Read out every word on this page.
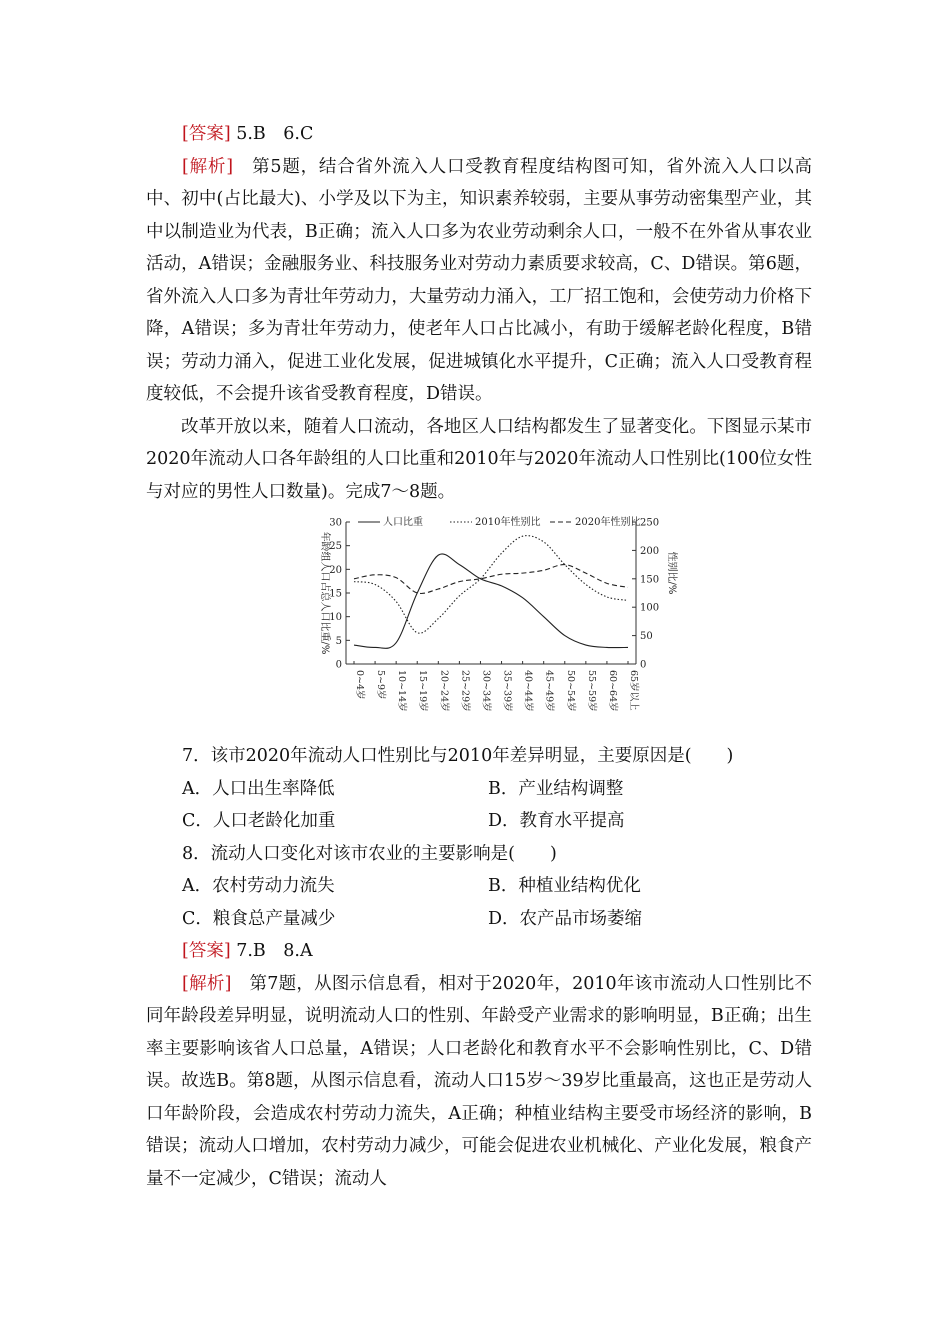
[答案] 5.B　6.C

[解析]　 第5题，结合省外流入人口受教育程度结构图可知，省外流入人口以高中、初中(占比最大)、小学及以下为主，知识素养较弱，主要从事劳动密集型产业，其中以制造业为代表，B正确；流入人口多为农业劳动剩余人口，一般不在外省从事农业活动，A错误；金融服务业、科技服务业对劳动力素质要求较高，C、D错误。第6题，省外流入人口多为青壮年劳动力，大量劳动力涌入，工厂招工饱和，会使劳动力价格下降，A错误；多为青壮年劳动力，使老年人口占比减小，有助于缓解老龄化程度，B错误；劳动力涌入，促进工业化发展，促进城镇化水平提升，C正确；流入人口受教育程度较低，不会提升该省受教育程度，D错误。

改革开放以来，随着人口流动，各地区人口结构都发生了显著变化。下图显示某市2020年流动人口各年龄组的人口比重和2010年与2020年流动人口性别比(100位女性与对应的男性人口数量)。完成7～8题。

0
5
10
15
20
25
30
0
50
100
150
200
250
0~4岁 5~9岁 10~14岁 15~19岁 20~24岁 25~29岁 30~34岁 35~39岁 40~44岁 45~49岁 50~54岁 55~59岁 60~64岁 65岁以上
年龄组人口占总人口比重/%	性别比/%
人口比重	2010年性别比	2020年性别比

7．该市2020年流动人口性别比与2010年差异明显，主要原因是(　　)

A．人口出生率降低	B．产业结构调整
C．人口老龄化加重	D．教育水平提高

8．流动人口变化对该市农业的主要影响是(　　)

A．农村劳动力流失	B．种植业结构优化
C．粮食总产量减少	D．农产品市场萎缩

[答案] 7.B　8.A

[解析]　 第7题，从图示信息看，相对于2020年，2010年该市流动人口性别比不同年龄段差异明显，说明流动人口的性别、年龄受产业需求的影响明显，B正确；出生率主要影响该省人口总量，A错误；人口老龄化和教育水平不会影响性别比，C、D错误。故选B。第8题，从图示信息看，流动人口15岁～39岁比重最高，这也正是劳动人口年龄阶段，会造成农村劳动力流失，A正确；种植业结构主要受市场经济的影响，B错误；流动人口增加，农村劳动力减少，可能会促进农业机械化、产业化发展，粮食产量不一定减少，C错误；流动人
